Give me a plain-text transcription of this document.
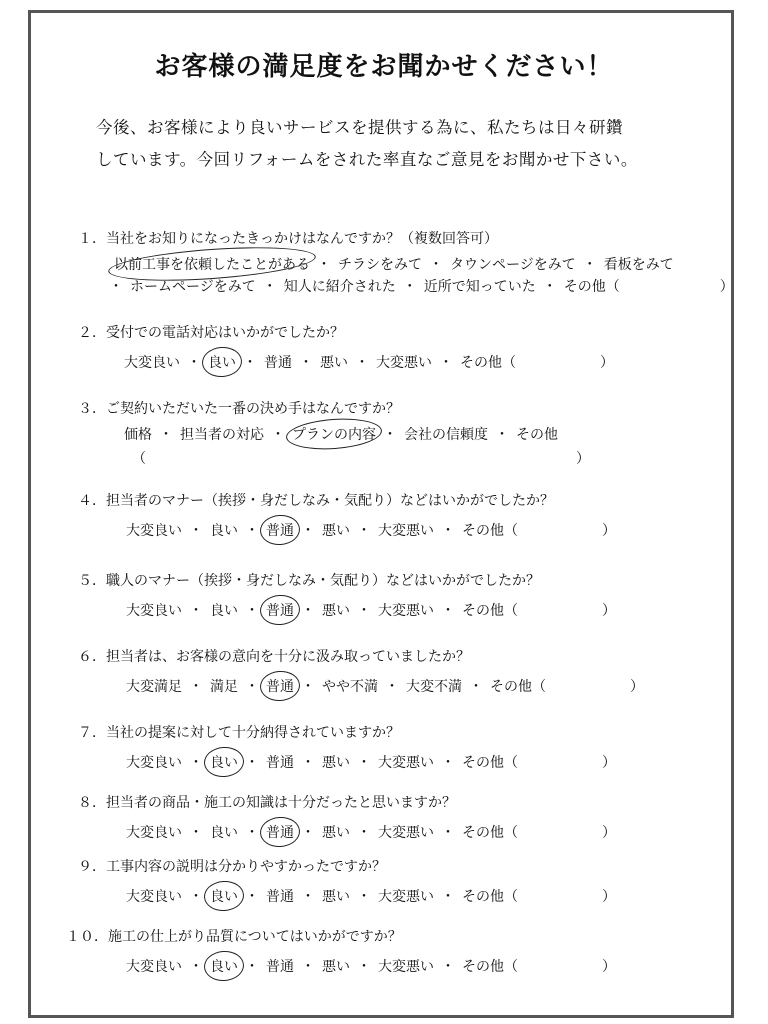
お客様の満足度をお聞かせください！
今後、お客様により良いサービスを提供する為に、私たちは日々研鑽
しています。今回リフォームをされた率直なご意見をお聞かせ下さい。
１．当社をお知りになったきっかけはなんですか？（複数回答可）
以前工事を依頼したことがある ・ チラシをみて ・ タウンページをみて ・ 看板をみて
・ ホームページをみて ・ 知人に紹介された ・ 近所で知っていた ・ その他（	）
２．受付での電話対応はいかがでしたか？
大変良い ・ 良い ・ 普通 ・ 悪い ・ 大変悪い ・ その他（	）
３．ご契約いただいた一番の決め手はなんですか？
価格 ・ 担当者の対応 ・ プランの内容 ・ 会社の信頼度 ・ その他
（	）
４．担当者のマナー（挨拶・身だしなみ・気配り）などはいかがでしたか？
大変良い ・ 良い ・ 普通 ・ 悪い ・ 大変悪い ・ その他（	）
５．職人のマナー（挨拶・身だしなみ・気配り）などはいかがでしたか？
大変良い ・ 良い ・ 普通 ・ 悪い ・ 大変悪い ・ その他（	）
６．担当者は、お客様の意向を十分に汲み取っていましたか？
大変満足 ・ 満足 ・ 普通 ・ やや不満 ・ 大変不満 ・ その他（	）
７．当社の提案に対して十分納得されていますか？
大変良い ・ 良い ・ 普通 ・ 悪い ・ 大変悪い ・ その他（	）
８．担当者の商品・施工の知識は十分だったと思いますか？
大変良い ・ 良い ・ 普通 ・ 悪い ・ 大変悪い ・ その他（	）
９．工事内容の説明は分かりやすかったですか？
大変良い ・ 良い ・ 普通 ・ 悪い ・ 大変悪い ・ その他（	）
１０．施工の仕上がり品質についてはいかがですか？
大変良い ・ 良い ・ 普通 ・ 悪い ・ 大変悪い ・ その他（	）
